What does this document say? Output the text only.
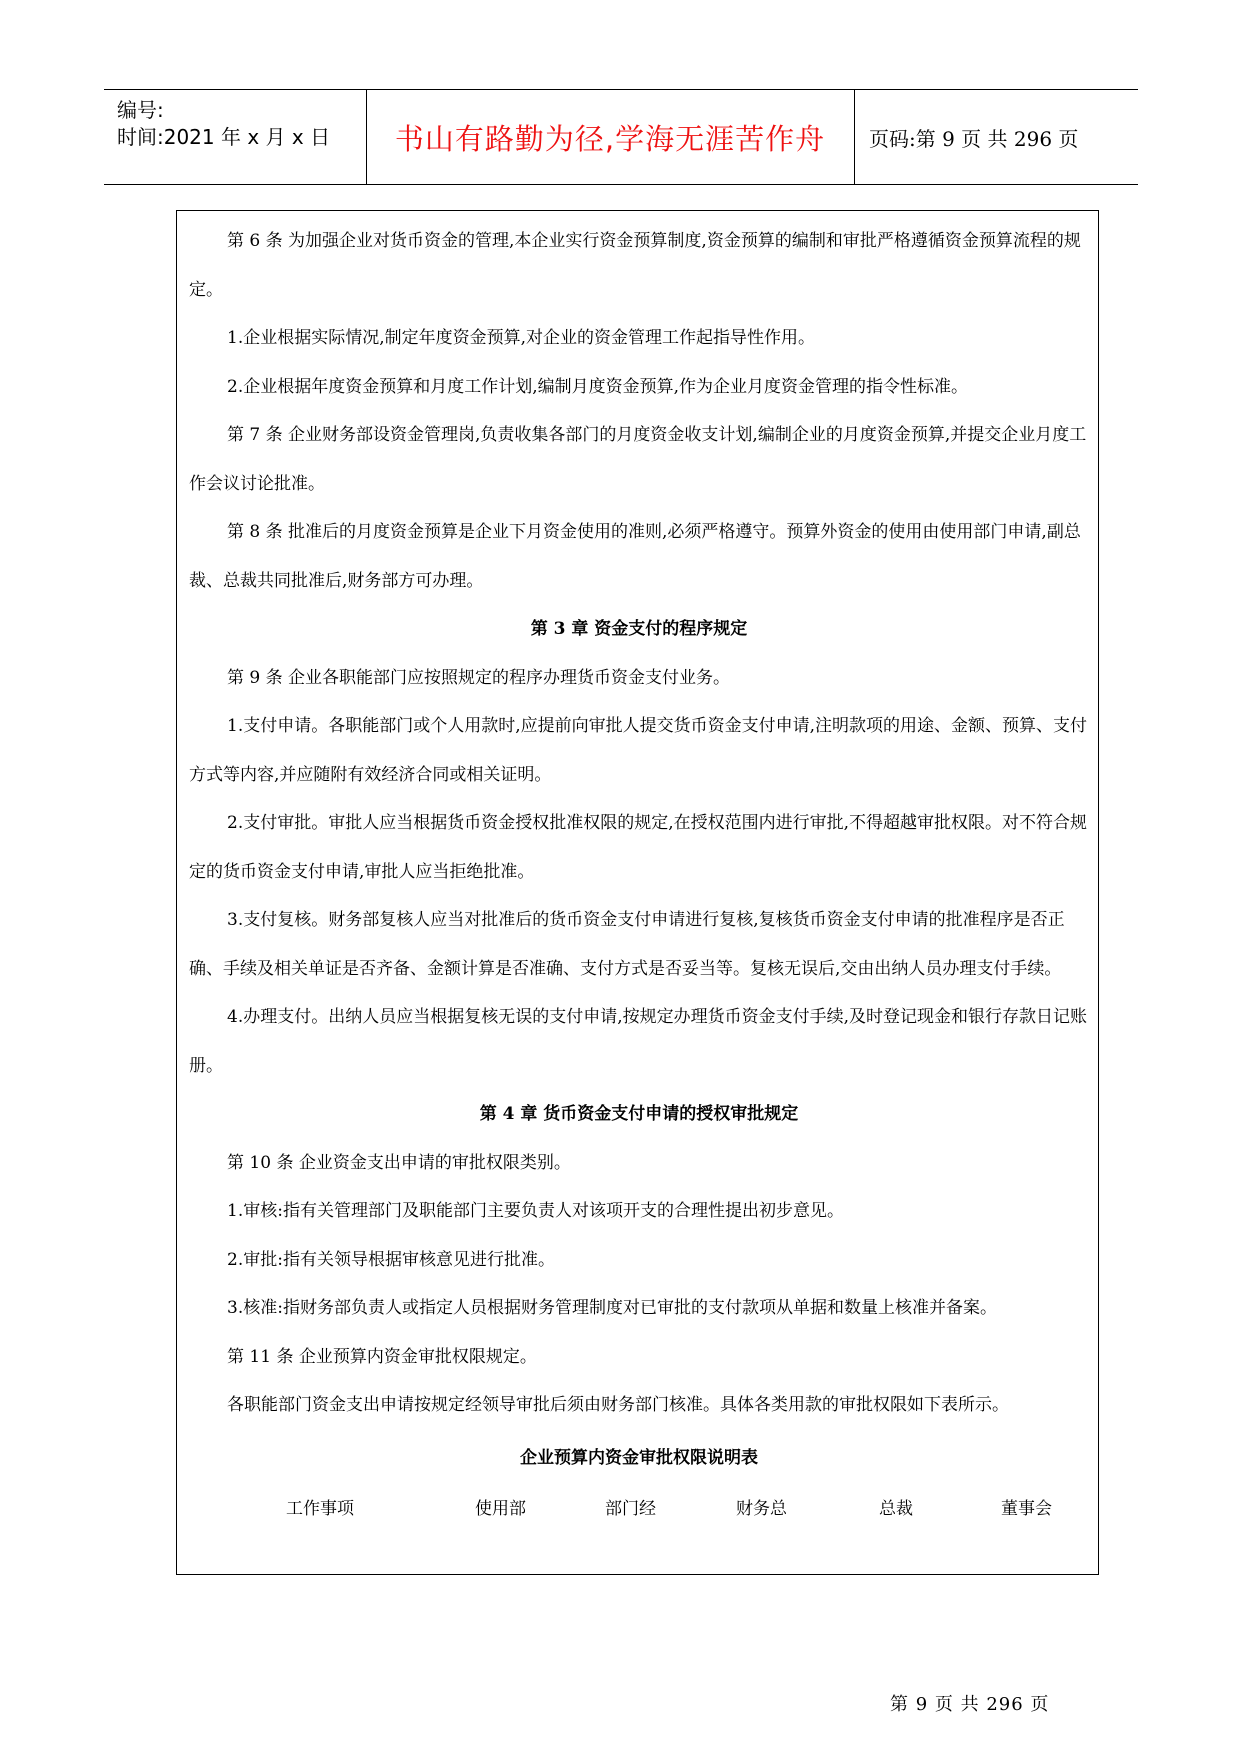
编号:
时间:2021 年 x 月 x 日 书山有路勤为径,学海无涯苦作舟 页码:第 9 页 共 296 页

第 6 条 为加强企业对货币资金的管理,本企业实行资金预算制度,资金预算的编制和审批严格遵循资金预算流程的规定。

1.企业根据实际情况,制定年度资金预算,对企业的资金管理工作起指导性作用。

2.企业根据年度资金预算和月度工作计划,编制月度资金预算,作为企业月度资金管理的指令性标准。

第 7 条 企业财务部设资金管理岗,负责收集各部门的月度资金收支计划,编制企业的月度资金预算,并提交企业月度工作会议讨论批准。

第 8 条 批准后的月度资金预算是企业下月资金使用的准则,必须严格遵守。预算外资金的使用由使用部门申请,副总裁、总裁共同批准后,财务部方可办理。

第 3 章 资金支付的程序规定

第 9 条 企业各职能部门应按照规定的程序办理货币资金支付业务。

1.支付申请。各职能部门或个人用款时,应提前向审批人提交货币资金支付申请,注明款项的用途、金额、预算、支付方式等内容,并应随附有效经济合同或相关证明。

2.支付审批。审批人应当根据货币资金授权批准权限的规定,在授权范围内进行审批,不得超越审批权限。对不符合规定的货币资金支付申请,审批人应当拒绝批准。

3.支付复核。财务部复核人应当对批准后的货币资金支付申请进行复核,复核货币资金支付申请的批准程序是否正确、手续及相关单证是否齐备、金额计算是否准确、支付方式是否妥当等。复核无误后,交由出纳人员办理支付手续。

4.办理支付。出纳人员应当根据复核无误的支付申请,按规定办理货币资金支付手续,及时登记现金和银行存款日记账册。

第 4 章 货币资金支付申请的授权审批规定

第 10 条 企业资金支出申请的审批权限类别。

1.审核:指有关管理部门及职能部门主要负责人对该项开支的合理性提出初步意见。

2.审批:指有关领导根据审核意见进行批准。

3.核准:指财务部负责人或指定人员根据财务管理制度对已审批的支付款项从单据和数量上核准并备案。

第 11 条 企业预算内资金审批权限规定。

各职能部门资金支出申请按规定经领导审批后须由财务部门核准。具体各类用款的审批权限如下表所示。

企业预算内资金审批权限说明表

工作事项	使用部	部门经	财务总	总裁	董事会
第 9 页 共 296 页
